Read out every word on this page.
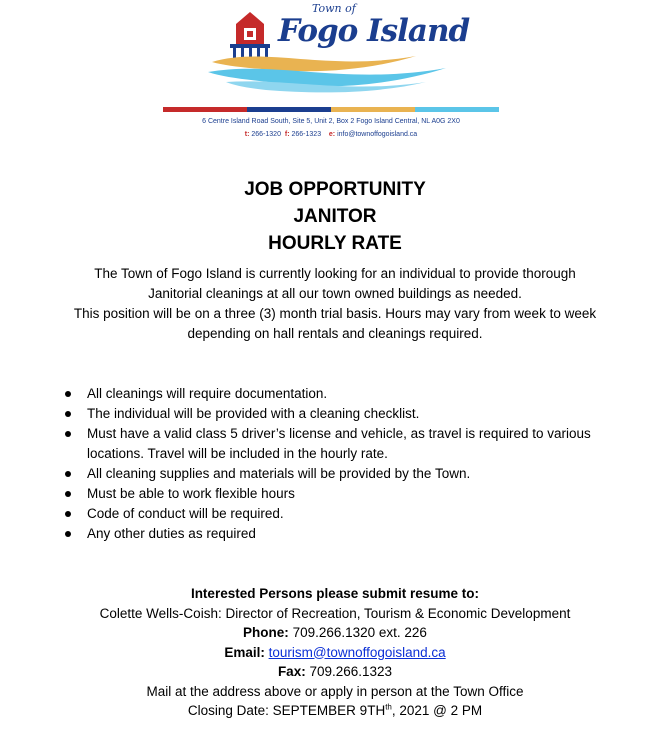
Town of
Fogo Island
6 Centre Island Road South, Site 5, Unit 2, Box 2 Fogo Island Central, NL A0G 2X0
t: 266-1320 f: 266-1323 e: info@townoffogoisland.ca
JOB OPPORTUNITY
JANITOR
HOURLY RATE

The Town of Fogo Island is currently looking for an individual to provide thorough

Janitorial cleanings at all our town owned buildings as needed.

This position will be on a three (3) month trial basis. Hours may vary from week to week

depending on hall rentals and cleanings required.

All cleanings will require documentation.
The individual will be provided with a cleaning checklist.
Must have a valid class 5 driver’s license and vehicle, as travel is required to various locations. Travel will be included in the hourly rate.
All cleaning supplies and materials will be provided by the Town.
Must be able to work flexible hours
Code of conduct will be required.
Any other duties as required
Interested Persons please submit resume to:
Colette Wells-Coish: Director of Recreation, Tourism & Economic Development
Phone: 709.266.1320 ext. 226
Email: tourism@townoffogoisland.ca
Fax: 709.266.1323
Mail at the address above or apply in person at the Town Office
Closing Date: SEPTEMBER $9TH^{th}$, 2021 @ 2 PM
